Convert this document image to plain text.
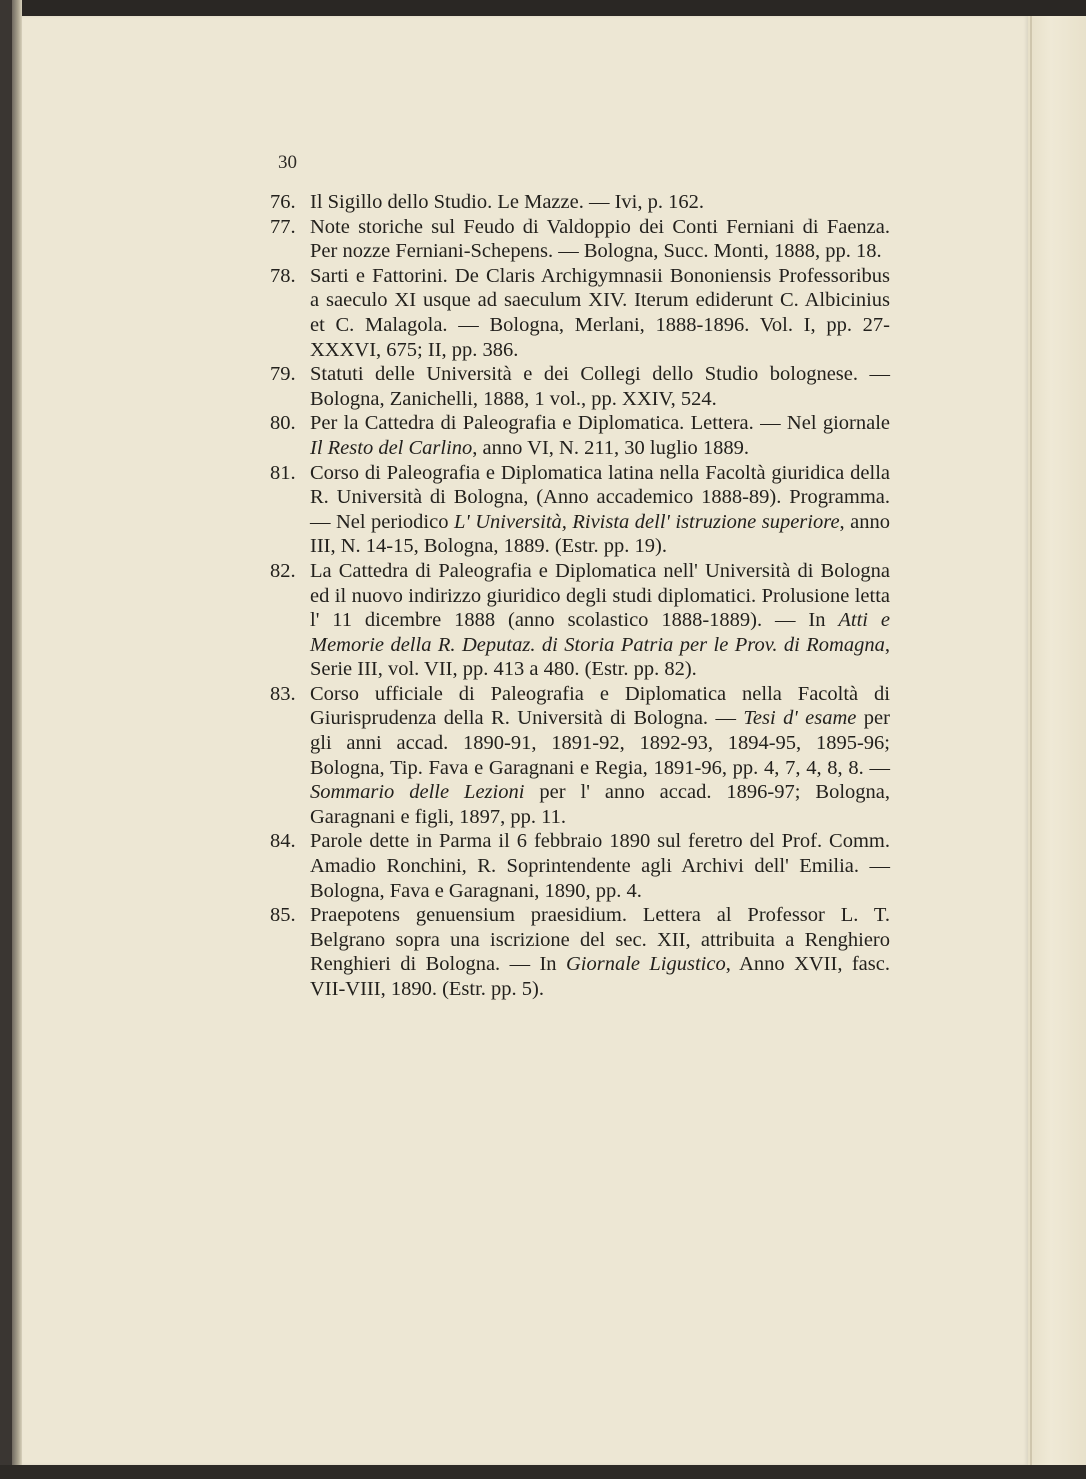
30
76. Il Sigillo dello Studio. Le Mazze. — Ivi, p. 162.
77. Note storiche sul Feudo di Valdoppio dei Conti Ferniani di Faenza. Per nozze Ferniani-Schepens. — Bologna, Succ. Monti, 1888, pp. 18.
78. Sarti e Fattorini. De Claris Archigymnasii Bononiensis Professoribus a saeculo XI usque ad saeculum XIV. Iterum ediderunt C. Albicinius et C. Malagola. — Bologna, Merlani, 1888-1896. Vol. I, pp. 27-XXXVI, 675; II, pp. 386.
79. Statuti delle Università e dei Collegi dello Studio bolognese. — Bologna, Zanichelli, 1888, 1 vol., pp. XXIV, 524.
80. Per la Cattedra di Paleografia e Diplomatica. Lettera. — Nel giornale Il Resto del Carlino, anno VI, N. 211, 30 luglio 1889.
81. Corso di Paleografia e Diplomatica latina nella Facoltà giuridica della R. Università di Bologna, (Anno accademico 1888-89). Programma. — Nel periodico L' Università, Rivista dell' istruzione superiore, anno III, N. 14-15, Bologna, 1889. (Estr. pp. 19).
82. La Cattedra di Paleografia e Diplomatica nell' Università di Bologna ed il nuovo indirizzo giuridico degli studi diplomatici. Prolusione letta l' 11 dicembre 1888 (anno scolastico 1888-1889). — In Atti e Memorie della R. Deputaz. di Storia Patria per le Prov. di Romagna, Serie III, vol. VII, pp. 413 a 480. (Estr. pp. 82).
83. Corso ufficiale di Paleografia e Diplomatica nella Facoltà di Giurisprudenza della R. Università di Bologna. — Tesi d' esame per gli anni accad. 1890-91, 1891-92, 1892-93, 1894-95, 1895-96; Bologna, Tip. Fava e Garagnani e Regia, 1891-96, pp. 4, 7, 4, 8, 8. — Sommario delle Lezioni per l' anno accad. 1896-97; Bologna, Garagnani e figli, 1897, pp. 11.
84. Parole dette in Parma il 6 febbraio 1890 sul feretro del Prof. Comm. Amadio Ronchini, R. Soprintendente agli Archivi dell' Emilia. — Bologna, Fava e Garagnani, 1890, pp. 4.
85. Praepotens genuensium praesidium. Lettera al Professor L. T. Belgrano sopra una iscrizione del sec. XII, attribuita a Renghiero Renghieri di Bologna. — In Giornale Ligustico, Anno XVII, fasc. VII-VIII, 1890. (Estr. pp. 5).
